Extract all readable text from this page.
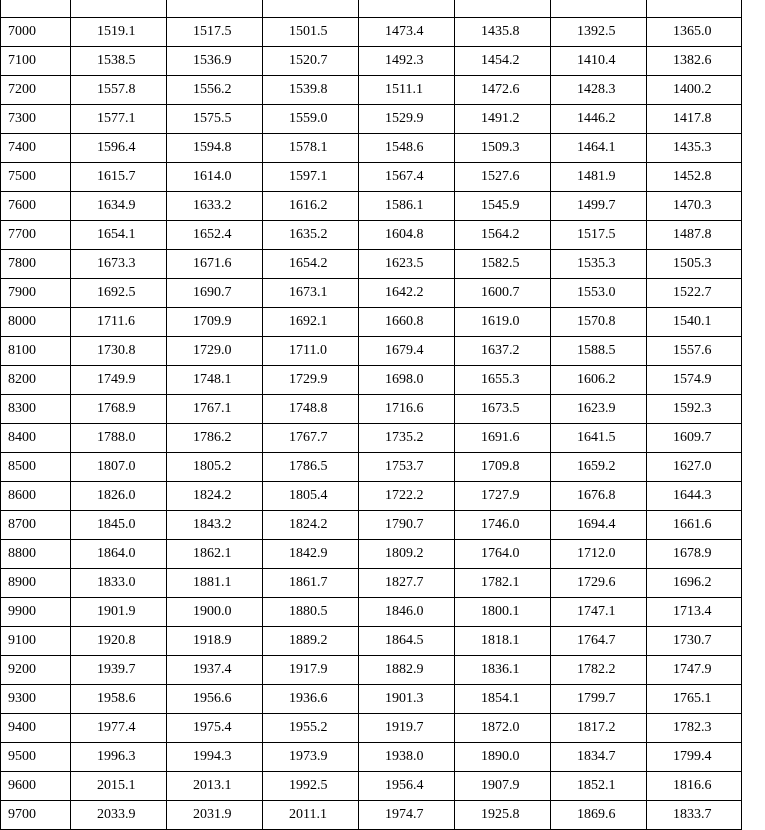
7000	1519.1	1517.5	1501.5	1473.4	1435.8	1392.5	1365.0
7100	1538.5	1536.9	1520.7	1492.3	1454.2	1410.4	1382.6
7200	1557.8	1556.2	1539.8	1511.1	1472.6	1428.3	1400.2
7300	1577.1	1575.5	1559.0	1529.9	1491.2	1446.2	1417.8
7400	1596.4	1594.8	1578.1	1548.6	1509.3	1464.1	1435.3
7500	1615.7	1614.0	1597.1	1567.4	1527.6	1481.9	1452.8
7600	1634.9	1633.2	1616.2	1586.1	1545.9	1499.7	1470.3
7700	1654.1	1652.4	1635.2	1604.8	1564.2	1517.5	1487.8
7800	1673.3	1671.6	1654.2	1623.5	1582.5	1535.3	1505.3
7900	1692.5	1690.7	1673.1	1642.2	1600.7	1553.0	1522.7
8000	1711.6	1709.9	1692.1	1660.8	1619.0	1570.8	1540.1
8100	1730.8	1729.0	1711.0	1679.4	1637.2	1588.5	1557.6
8200	1749.9	1748.1	1729.9	1698.0	1655.3	1606.2	1574.9
8300	1768.9	1767.1	1748.8	1716.6	1673.5	1623.9	1592.3
8400	1788.0	1786.2	1767.7	1735.2	1691.6	1641.5	1609.7
8500	1807.0	1805.2	1786.5	1753.7	1709.8	1659.2	1627.0
8600	1826.0	1824.2	1805.4	1722.2	1727.9	1676.8	1644.3
8700	1845.0	1843.2	1824.2	1790.7	1746.0	1694.4	1661.6
8800	1864.0	1862.1	1842.9	1809.2	1764.0	1712.0	1678.9
8900	1833.0	1881.1	1861.7	1827.7	1782.1	1729.6	1696.2
9900	1901.9	1900.0	1880.5	1846.0	1800.1	1747.1	1713.4
9100	1920.8	1918.9	1889.2	1864.5	1818.1	1764.7	1730.7
9200	1939.7	1937.4	1917.9	1882.9	1836.1	1782.2	1747.9
9300	1958.6	1956.6	1936.6	1901.3	1854.1	1799.7	1765.1
9400	1977.4	1975.4	1955.2	1919.7	1872.0	1817.2	1782.3
9500	1996.3	1994.3	1973.9	1938.0	1890.0	1834.7	1799.4
9600	2015.1	2013.1	1992.5	1956.4	1907.9	1852.1	1816.6
9700	2033.9	2031.9	2011.1	1974.7	1925.8	1869.6	1833.7
